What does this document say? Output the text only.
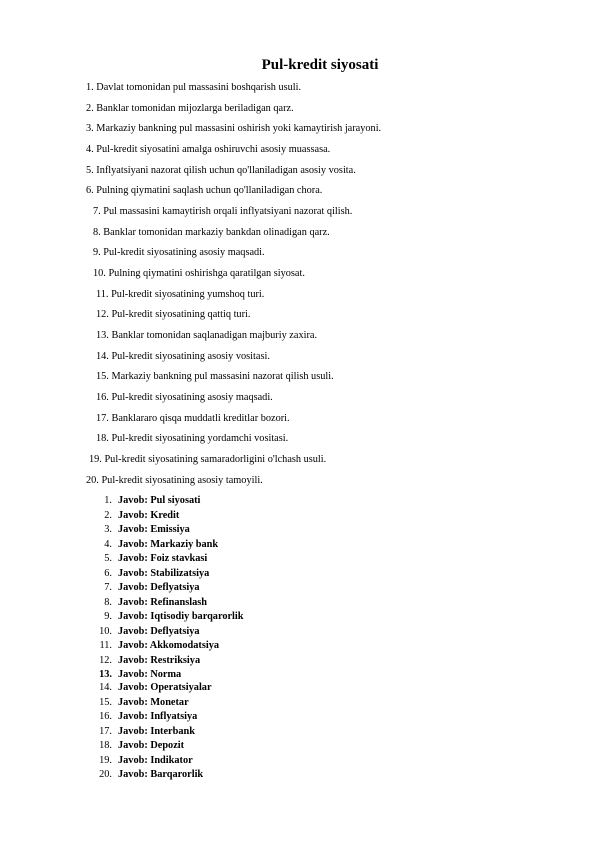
Pul-kredit siyosati
1. Davlat tomonidan pul massasini boshqarish usuli.
2. Banklar tomonidan mijozlarga beriladigan qarz.
3. Markaziy bankning pul massasini oshirish yoki kamaytirish jarayoni.
4. Pul-kredit siyosatini amalga oshiruvchi asosiy muassasa.
5. Inflyatsiyani nazorat qilish uchun qo'llaniladigan asosiy vosita.
6. Pulning qiymatini saqlash uchun qo'llaniladigan chora.
7. Pul massasini kamaytirish orqali inflyatsiyani nazorat qilish.
8. Banklar tomonidan markaziy bankdan olinadigan qarz.
9. Pul-kredit siyosatining asosiy maqsadi.
10. Pulning qiymatini oshirishga qaratilgan siyosat.
11. Pul-kredit siyosatining yumshoq turi.
12. Pul-kredit siyosatining qattiq turi.
13. Banklar tomonidan saqlanadigan majburiy zaxira.
14. Pul-kredit siyosatining asosiy vositasi.
15. Markaziy bankning pul massasini nazorat qilish usuli.
16. Pul-kredit siyosatining asosiy maqsadi.
17. Banklararo qisqa muddatli kreditlar bozori.
18. Pul-kredit siyosatining yordamchi vositasi.
19. Pul-kredit siyosatining samaradorligini o'lchash usuli.
20. Pul-kredit siyosatining asosiy tamoyili.
1. Javob: Pul siyosati
2. Javob: Kredit
3. Javob: Emissiya
4. Javob: Markaziy bank
5. Javob: Foiz stavkasi
6. Javob: Stabilizatsiya
7. Javob: Deflyatsiya
8. Javob: Refinanslash
9. Javob: Iqtisodiy barqarorlik
10. Javob: Deflyatsiya
11. Javob: Akkomodatsiya
12. Javob: Restriksiya
13. Javob: Norma
14. Javob: Operatsiyalar
15. Javob: Monetar
16. Javob: Inflyatsiya
17. Javob: Interbank
18. Javob: Depozit
19. Javob: Indikator
20. Javob: Barqarorlik
